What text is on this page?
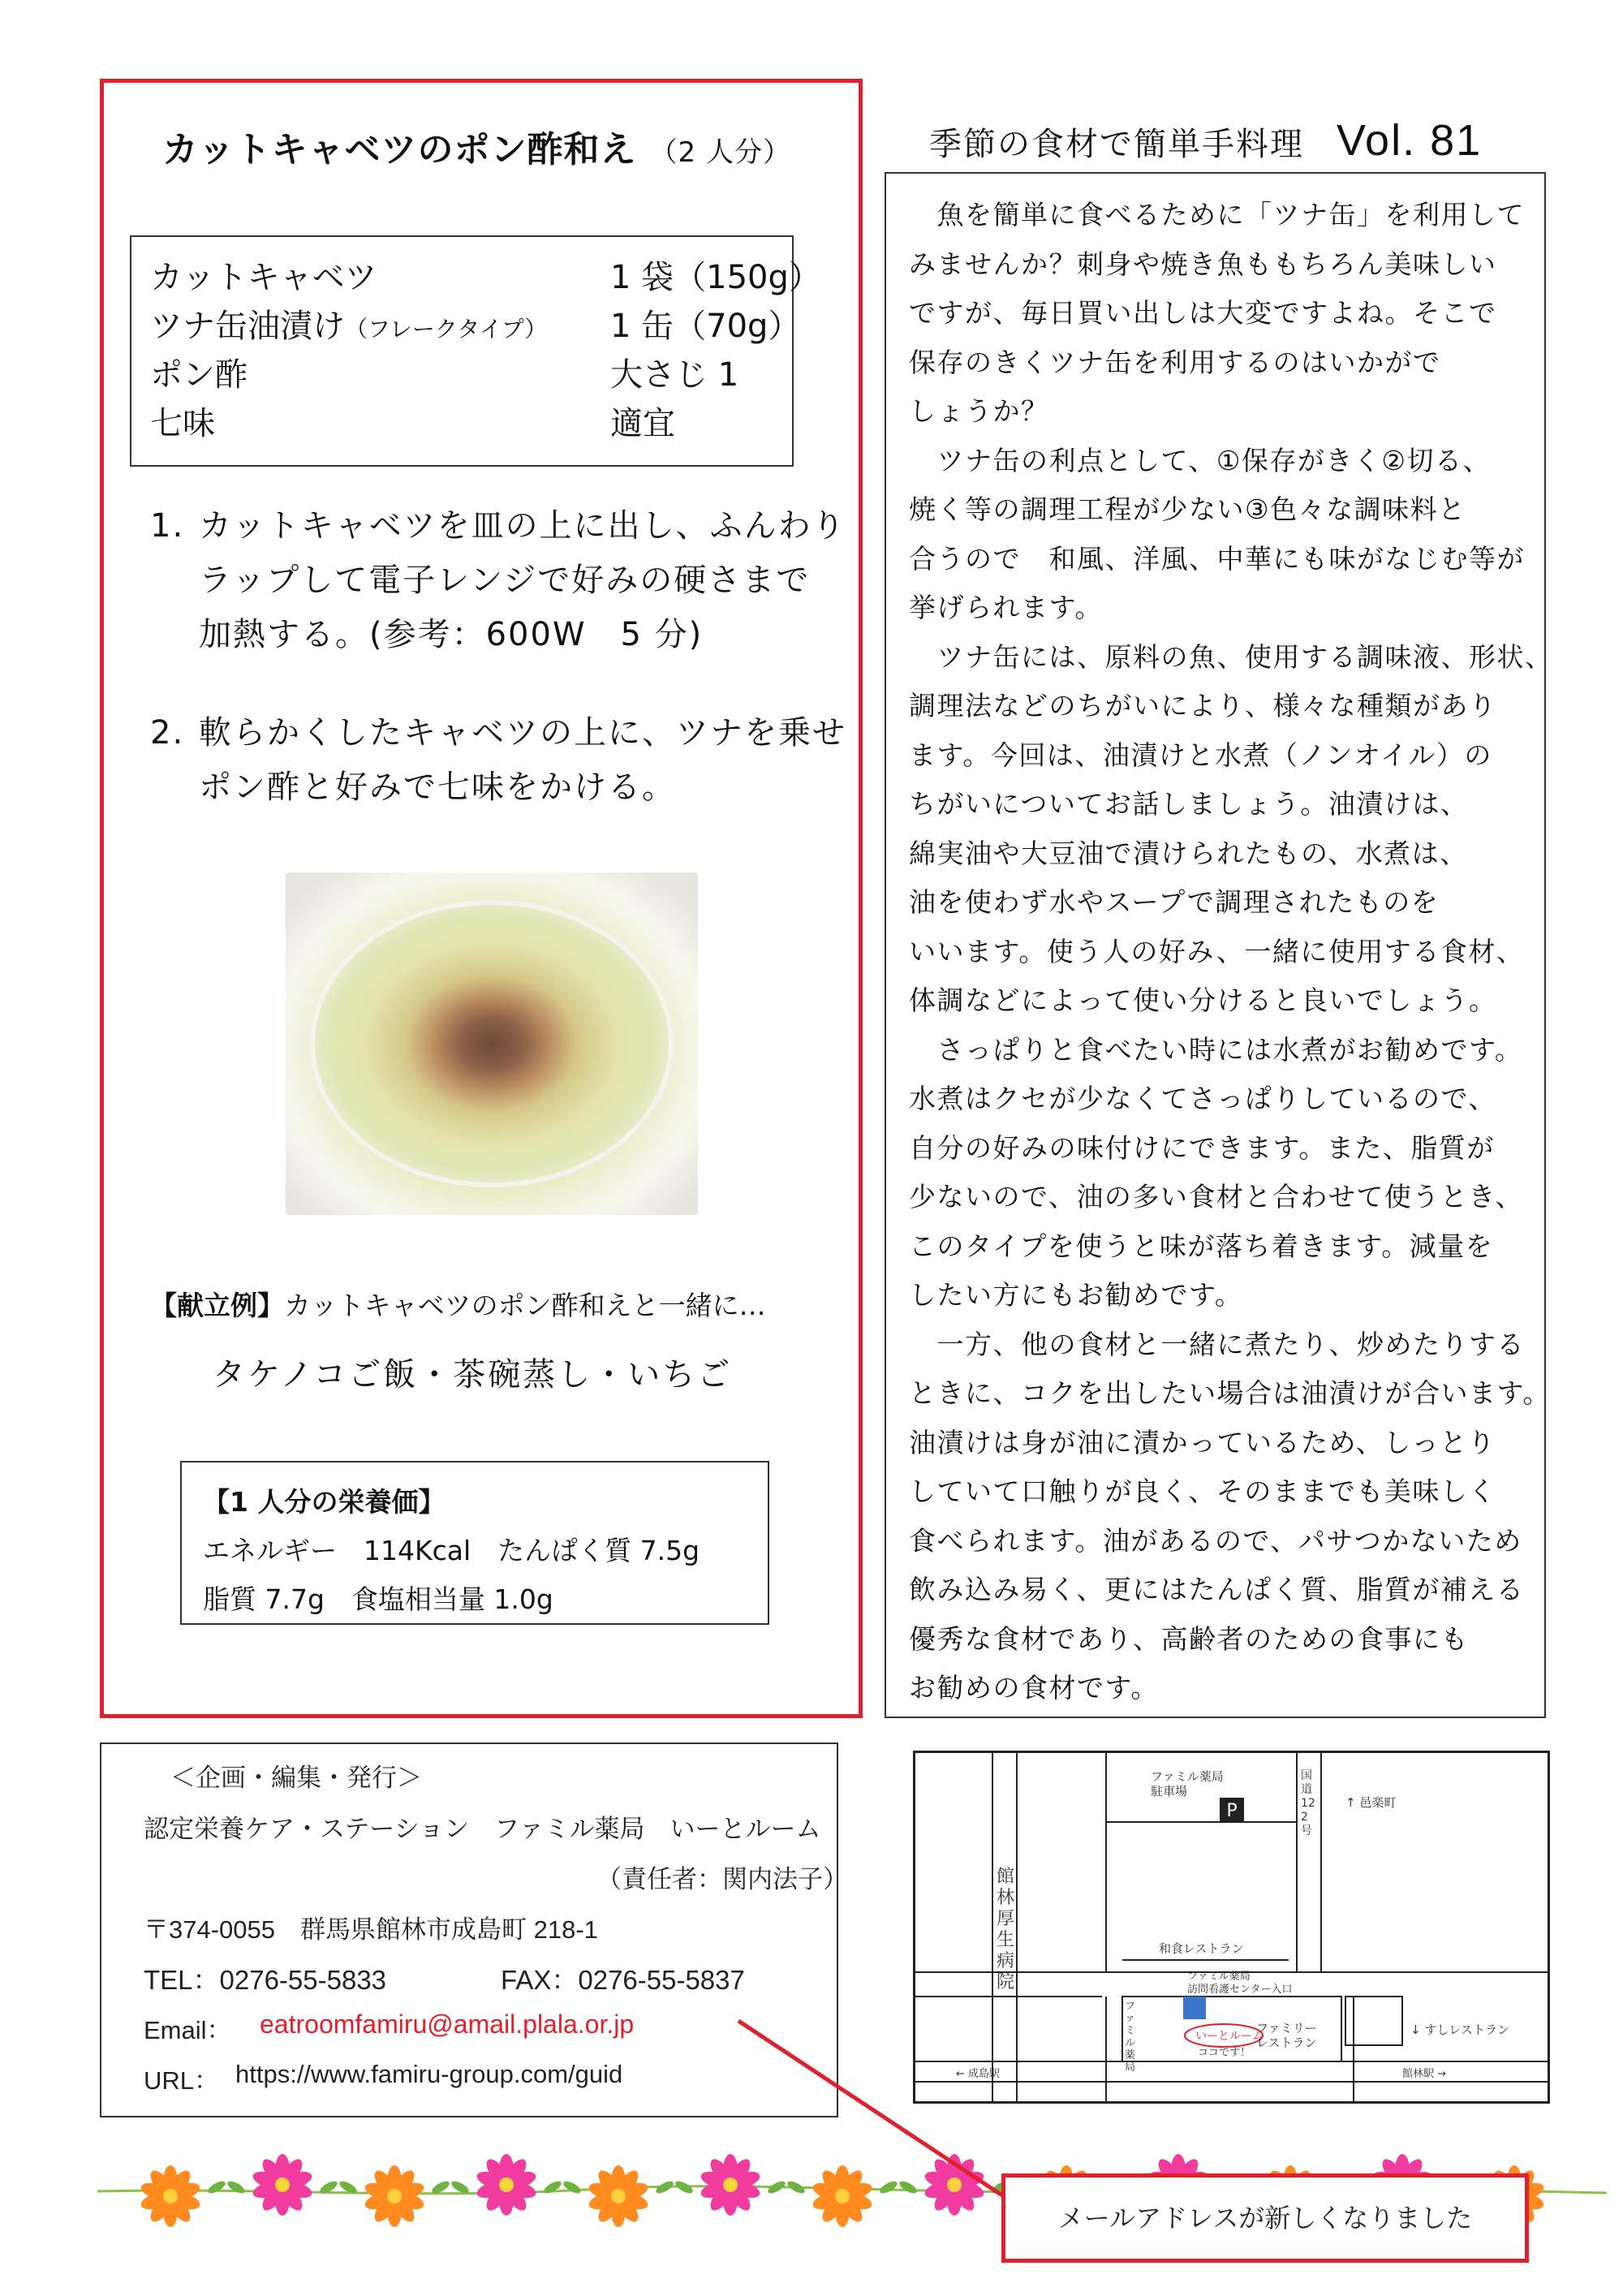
カットキャベツのポン酢和え （2 人分）
【献立例】カットキャベツのポン酢和えと一緒に…
タケノコご飯・茶碗蒸し・いちご
【1 人分の栄養価】
エネルギー　114Kcal　たんぱく質 7.5g
脂質 7.7g　食塩相当量 1.0g
季節の食材で簡単手料理 Vol. 81
　魚を簡単に食べるために「ツナ缶」を利用して
みませんか？刺身や焼き魚ももちろん美味しい
ですが、毎日買い出しは大変ですよね。そこで
保存のきくツナ缶を利用するのはいかがで
しょうか？
　ツナ缶の利点として、①保存がきく②切る、
焼く等の調理工程が少ない③色々な調味料と
合うので　和風、洋風、中華にも味がなじむ等が
挙げられます。
　ツナ缶には、原料の魚、使用する調味液、形状、
調理法などのちがいにより、様々な種類があり
ます。今回は、油漬けと水煮（ノンオイル）の
ちがいについてお話しましょう。油漬けは、
綿実油や大豆油で漬けられたもの、水煮は、
油を使わず水やスープで調理されたものを
いいます。使う人の好み、一緒に使用する食材、
体調などによって使い分けると良いでしょう。
　さっぱりと食べたい時には水煮がお勧めです。
水煮はクセが少なくてさっぱりしているので、
自分の好みの味付けにできます。また、脂質が
少ないので、油の多い食材と合わせて使うとき、
このタイプを使うと味が落ち着きます。減量を
したい方にもお勧めです。
　一方、他の食材と一緒に煮たり、炒めたりする
ときに、コクを出したい場合は油漬けが合います。
油漬けは身が油に漬かっているため、しっとり
していて口触りが良く、そのままでも美味しく
食べられます。油があるので、パサつかないため
飲み込み易く、更にはたんぱく質、脂質が補える
優秀な食材であり、高齢者のための食事にも
お勧めの食材です。
＜企画・編集・発行＞
認定栄養ケア・ステーション　ファミル薬局　いーとルーム
（責任者：関内法子）
〒374-0055　群馬県館林市成島町 218-1
TEL：0276-55-5833	FAX：0276-55-5837
Email： eatroomfamiru@amail.plala.or.jp
URL： https://www.famiru-group.com/guid
P
ファミル薬局
駐車場
国道122号
↑ 邑楽町
館林厚生病院
和食レストラン
ファミル薬局
訪問看護センター入口
いーとルーム
ココです！
ファミル薬局
ファミリー
レストラン
↓ すしレストラン
← 成島駅	館林駅 →
メールアドレスが新しくなりました
カットキャベツ	1 袋（150g）
ツナ缶油漬け（フレークタイプ） 1 缶（70g）
ポン酢	大さじ 1
七味	適宜
1. カットキャベツを皿の上に出し、ふんわり
ラップして電子レンジで好みの硬さまで
加熱する。(参考：600W　5 分)
2. 軟らかくしたキャベツの上に、ツナを乗せ
ポン酢と好みで七味をかける。
